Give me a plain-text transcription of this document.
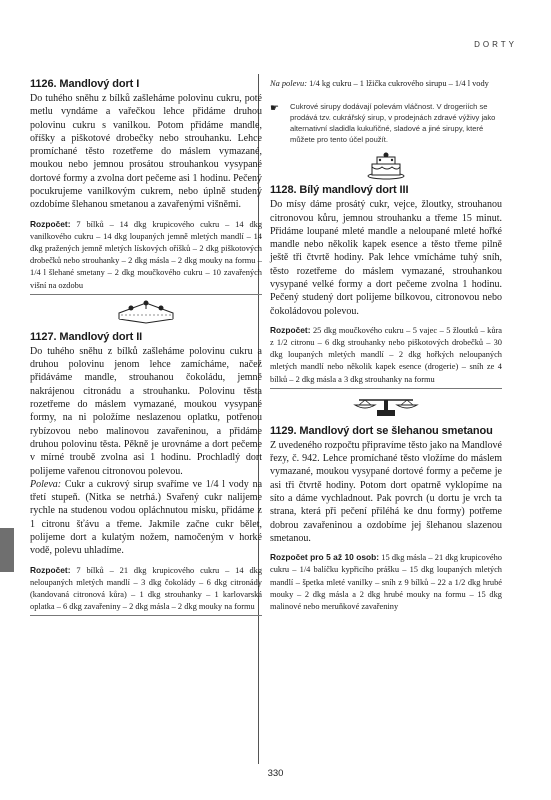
DORTY
1126. Mandlový dort I

Do tuhého sněhu z bílků zašleháme polovinu cukru, poté metlu vyndáme a vařečkou lehce přidáme druhou polovinu cukru s vanilkou. Potom přidáme mandle, oříšky a piškotové drobečky nebo strouhanku. Lehce promíchané těsto rozetřeme do máslem vymazané, moukou nebo jemnou prosátou strouhankou vysypané dortové formy a zvolna dort pečeme asi 1 hodinu. Pečený pocukrujeme vanilkovým cukrem, nebo úplně studený ozdobíme šlehanou smetanou a zavařenými višněmi.

Rozpočet: 7 bílků – 14 dkg krupicového cukru – 14 dkg vanilkového cukru – 14 dkg loupaných jemně mletých mandlí – 14 dkg pražených jemně mletých lískových oříšků – 2 dkg piškotových drobečků nebo strouhanky – 2 dkg másla – 2 dkg mouky na formu – 1/4 l šlehané smetany – 2 dkg moučkového cukru – 10 zavařených višní na ozdobu

1127. Mandlový dort II

Do tuhého sněhu z bílků zašleháme polovinu cukru a druhou polovinu jenom lehce zamícháme, načež přidáváme mandle, strouhanou čokoládu, jemně nakrájenou citronádu a strouhanku. Polovinu těsta rozetřeme do máslem vymazané, moukou vysypané formy, na ni položíme neslazenou oplatku, potřenou rybízovou nebo malinovou zavařeninou, a přidáme druhou polovinu těsta. Pěkně je urovnáme a dort pečeme v mírné troubě zvolna asi 1 hodinu. Prochladlý dort polijeme vařenou citronovou polevou.

Poleva: Cukr a cukrový sirup svaříme ve 1/4 l vody na třetí stupeň. (Nitka se netrhá.) Svařený cukr nalijeme rychle na studenou vodou opláchnutou misku, přidáme z 1 citronu šťávu a třeme. Jakmile začne cukr bělet, polijeme dort a kulatým nožem, namočeným v horké vodě, polevu uhladíme.

Rozpočet: 7 bílků – 21 dkg krupicového cukru – 14 dkg neloupaných mletých mandlí – 3 dkg čokolády – 6 dkg citronády (kandovaná citronová kůra) – 1 dkg strouhanky – 1 karlovarská oplatka – 6 dkg zavařeniny – 2 dkg másla – 2 dkg mouky na formu

Na polevu: 1/4 kg cukru – 1 lžička cukrového sirupu – 1/4 l vody

☛	Cukrové sirupy dodávají polevám vláčnost. V drogeriích se prodává tzv. cukrářský sirup, v prodejnách zdravé výživy jako alternativní sladidla kukuřičné, sladové a jiné sirupy, které můžete pro tento účel použít.
1128. Bílý mandlový dort III

Do mísy dáme prosátý cukr, vejce, žloutky, strouhanou citronovou kůru, jemnou strouhanku a třeme 15 minut. Přidáme loupané mleté mandle a neloupané mleté hořké mandle nebo několik kapek esence a těsto třeme pilně ještě tři čtvrtě hodiny. Pak lehce vmícháme tuhý sníh, těsto rozetřeme do máslem vymazané, strouhankou vysypané velké formy a dort pečeme zvolna 1 hodinu. Pečený studený dort polijeme bílkovou, citronovou nebo čokoládovou polevou.

Rozpočet: 25 dkg moučkového cukru – 5 vajec – 5 žloutků – kůra z 1/2 citronu – 6 dkg strouhanky nebo piškotových drobečků – 30 dkg loupaných mletých mandlí – 2 dkg hořkých neloupaných mletých mandlí nebo několik kapek esence (drogerie) – sníh ze 4 bílků – 2 dkg másla a 3 dkg strouhanky na formu

1129. Mandlový dort se šlehanou smetanou

Z uvedeného rozpočtu připravíme těsto jako na Mandlové řezy, č. 942. Lehce promíchané těsto vložíme do máslem vymazané, moukou vysypané dortové formy a pečeme je asi tři čtvrtě hodiny. Potom dort opatrně vyklopíme na síto a dáme vychladnout. Pak povrch (u dortu je vrch ta strana, která při pečení přiléhá ke dnu formy) potřeme dobrou zavařeninou a ozdobíme jej šlehanou slazenou smetanou.

Rozpočet pro 5 až 10 osob: 15 dkg másla – 21 dkg krupicového cukru – 1/4 balíčku kypřicího prášku – 15 dkg loupaných mletých mandlí – špetka mleté vanilky – sníh z 9 bílků – 22 a 1/2 dkg hrubé mouky – 2 dkg másla a 2 dkg hrubé mouky na formu – 15 dkg malinové nebo meruňkové zavařeniny

330
